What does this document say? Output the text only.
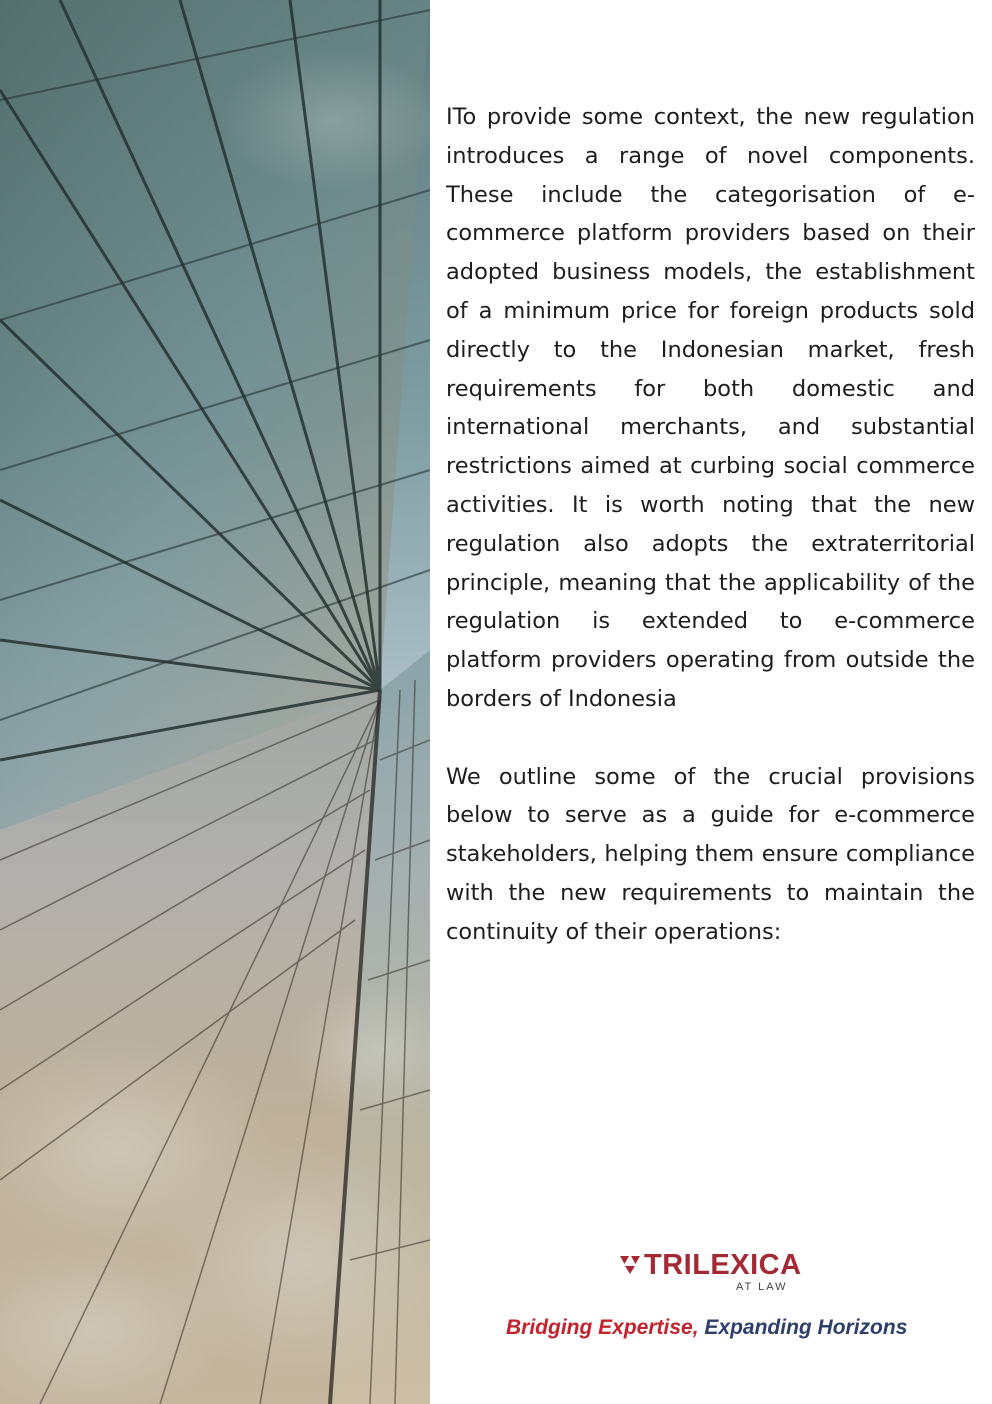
ITo provide some context, the new regulation introduces a range of novel components. These include the categorisation of e-commerce platform providers based on their adopted business models, the establishment of a minimum price for foreign products sold directly to the Indonesian market, fresh requirements for both domestic and international merchants, and substantial restrictions aimed at curbing social commerce activities. It is worth noting that the new regulation also adopts the extraterritorial principle, meaning that the applicability of the regulation is extended to e-commerce platform providers operating from outside the borders of Indonesia

We outline some of the crucial provisions below to serve as a guide for e-commerce stakeholders, helping them ensure compliance with the new requirements to maintain the continuity of their operations:

TRILEXICA
AT LAW
Bridging Expertise, Expanding Horizons
